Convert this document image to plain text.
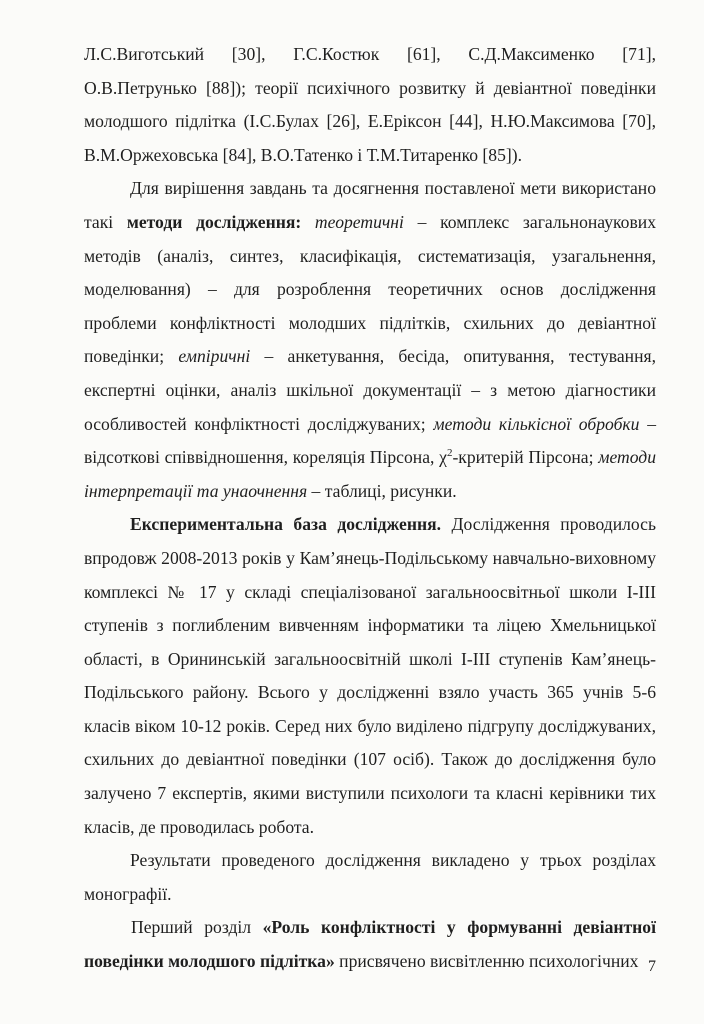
Л.С.Виготський [30], Г.С.Костюк [61], С.Д.Максименко [71], О.В.Петрунько [88]); теорії психічного розвитку й девіантної поведінки молодшого підлітка (І.С.Булах [26], Е.Еріксон [44], Н.Ю.Максимова [70], В.М.Оржеховська [84], В.О.Татенко і Т.М.Титаренко [85]).

Для вирішення завдань та досягнення поставленої мети використано такі методи дослідження: теоретичні – комплекс загальнонаукових методів (аналіз, синтез, класифікація, систематизація, узагальнення, моделювання) – для розроблення теоретичних основ дослідження проблеми конфліктності молодших підлітків, схильних до девіантної поведінки; емпіричні – анкетування, бесіда, опитування, тестування, експертні оцінки, аналіз шкільної документації – з метою діагностики особливостей конфліктності досліджуваних; методи кількісної обробки – відсоткові співвідношення, кореляція Пірсона, $\chi^2$-критерій Пірсона; методи інтерпретації та унаочнення – таблиці, рисунки.

Експериментальна база дослідження. Дослідження проводилось впродовж 2008-2013 років у Кам’янець-Подільському навчально-виховному комплексі № 17 у складі спеціалізованої загальноосвітньої школи І-ІІІ ступенів з поглибленим вивченням інформатики та ліцею Хмельницької області, в Орининській загальноосвітній школі І-ІІІ ступенів Кам’янець-Подільського району. Всього у дослідженні взяло участь 365 учнів 5-6 класів віком 10-12 років. Серед них було виділено підгрупу досліджуваних, схильних до девіантної поведінки (107 осіб). Також до дослідження було залучено 7 експертів, якими виступили психологи та класні керівники тих класів, де проводилась робота.

Результати проведеного дослідження викладено у трьох розділах монографії.

Перший розділ «Роль конфліктності у формуванні девіантної поведінки молодшого підлітка» присвячено висвітленню психологічних 7
